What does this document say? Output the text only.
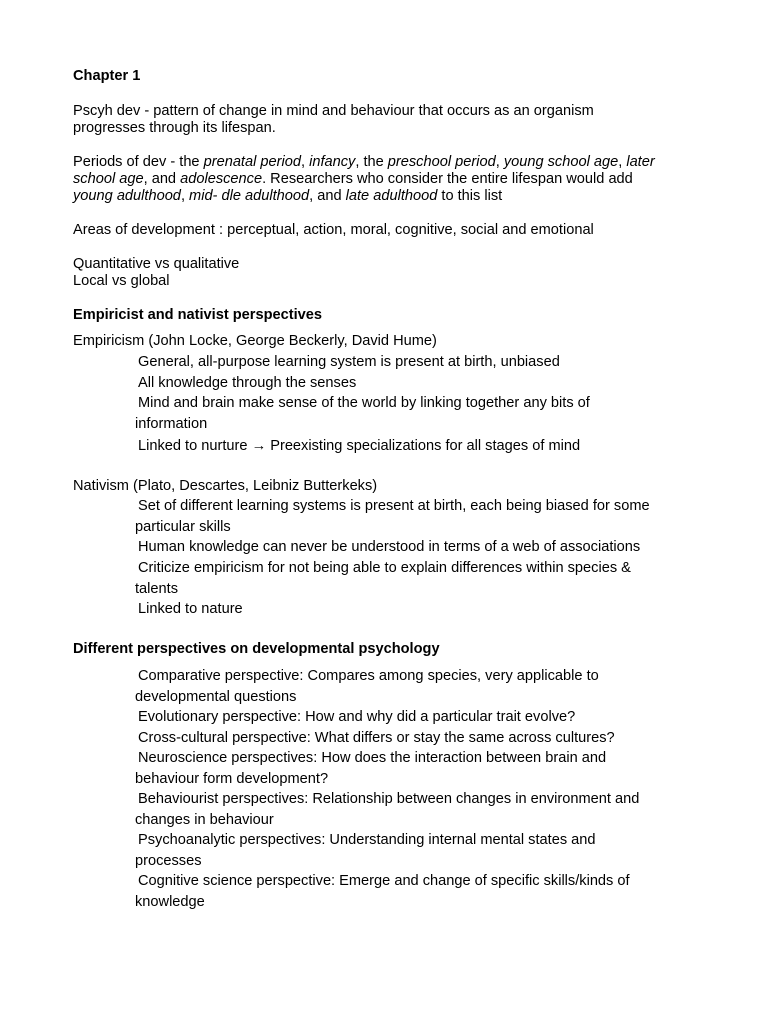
Chapter 1
Pscyh dev - pattern of change in mind and behaviour that occurs as an organism
progresses through its lifespan.
Periods of dev - the prenatal period, infancy, the preschool period, young school age, later
school age, and adolescence. Researchers who consider the entire lifespan would add
young adulthood, mid- dle adulthood, and late adulthood to this list
Areas of development : perceptual, action, moral, cognitive, social and emotional
Quantitative vs qualitative
Local vs global
Empiricist and nativist perspectives
Empiricism (John Locke, George Beckerly, David Hume)
General, all-purpose learning system is present at birth, unbiased
All knowledge through the senses
Mind and brain make sense of the world by linking together any bits of
information
Linked to nurture → Preexisting specializations for all stages of mind
Nativism (Plato, Descartes, Leibniz Butterkeks)
Set of different learning systems is present at birth, each being biased for some
particular skills
Human knowledge can never be understood in terms of a web of associations
Criticize empiricism for not being able to explain differences within species &
talents
Linked to nature
Different perspectives on developmental psychology
Comparative perspective: Compares among species, very applicable to
developmental questions
Evolutionary perspective: How and why did a particular trait evolve?
Cross-cultural perspective: What differs or stay the same across cultures?
Neuroscience perspectives: How does the interaction between brain and
behaviour form development?
Behaviourist perspectives: Relationship between changes in environment and
changes in behaviour
Psychoanalytic perspectives: Understanding internal mental states and
processes
Cognitive science perspective: Emerge and change of specific skills/kinds of
knowledge
